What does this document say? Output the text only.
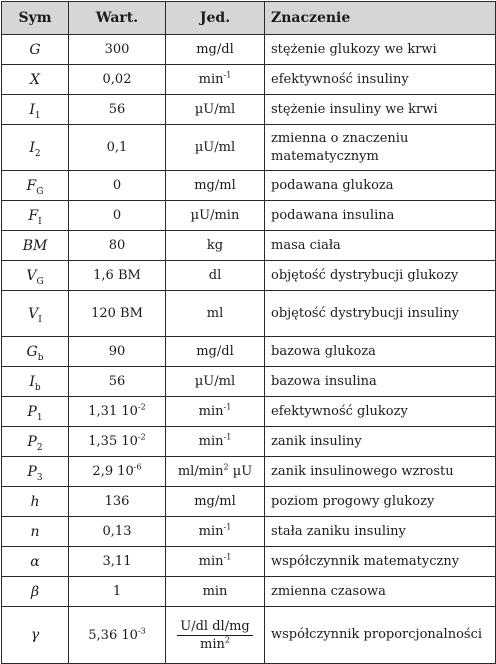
Sym	Wart.	Jed.	Znaczenie
G	300	mg/dl	stężenie glukozy we krwi
X	0,02	$\min^{-1}$	efektywność insuliny
$I_1$	56	µU/ml	stężenie insuliny we krwi
$I_2$	0,1	µU/ml	zmienna o znaczeniu matematycznym
$F_G$	0	mg/ml	podawana glukoza
$F_I$	0	µU/min	podawana insulina
BM	80	kg	masa ciała
$V_G$	1,6 BM	dl	objętość dystrybucji glukozy
$V_I$	120 BM	ml	objętość dystrybucji insuliny
$G_b$	90	mg/dl	bazowa glukoza
$I_b$	56	µU/ml	bazowa insulina
$P_1$	1,31 $10^{-2}$	$\min^{-1}$	efektywność glukozy
$P_2$	1,35 $10^{-2}$	$\min^{-1}$	zanik insuliny
$P_3$	2,9 $10^{-6}$	$ml/\min^2$ µU	zanik insulinowego wzrostu
h	136	mg/ml	poziom progowy glukozy
n	0,13	$\min^{-1}$	stała zaniku insuliny
α	3,11	$\min^{-1}$	współczynnik matematyczny
β	1	min	zmienna czasowa
γ	5,36 $10^{-3}$	$\frac{\text{U/dl dl/mg}}{\min^2}$	współczynnik proporcjonalności
